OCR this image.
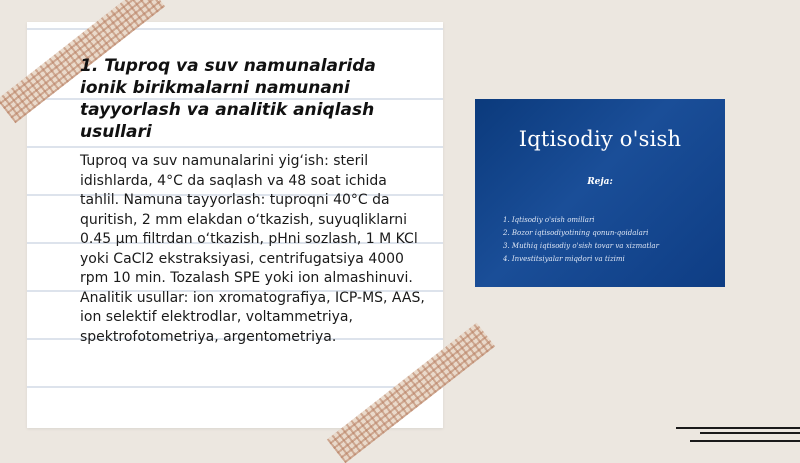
1. Tuproq va suv namunalarida ionik birikmalarni namunani tayyorlash va analitik aniqlash usullari

Tuproq va suv namunalarini yig‘ish: steril idishlarda, 4°C da saqlash va 48 soat ichida tahlil. Namuna tayyorlash: tuproqni 40°C da quritish, 2 mm elakdan o‘tkazish, suyuqliklarni 0.45 µm filtrdan o‘tkazish, pHni sozlash, 1 M KCl yoki CaCl2 ekstraksiyasi, centrifugatsiya 4000 rpm 10 min. Tozalash SPE yoki ion almashinuvi. Analitik usullar: ion xromatografiya, ICP-MS, AAS, ion selektif elektrodlar, voltammetriya, spektrofotometriya, argentometriya.

Iqtisodiy o'sish

Reja:

1. Iqtisodiy o'sish omillari
2. Bozor iqtisodiyotining qonun-qoidalari
3. Muthiq iqtisodiy o'sish tovar va xizmatlar
4. Investitsiyalar miqdori va tizimi
